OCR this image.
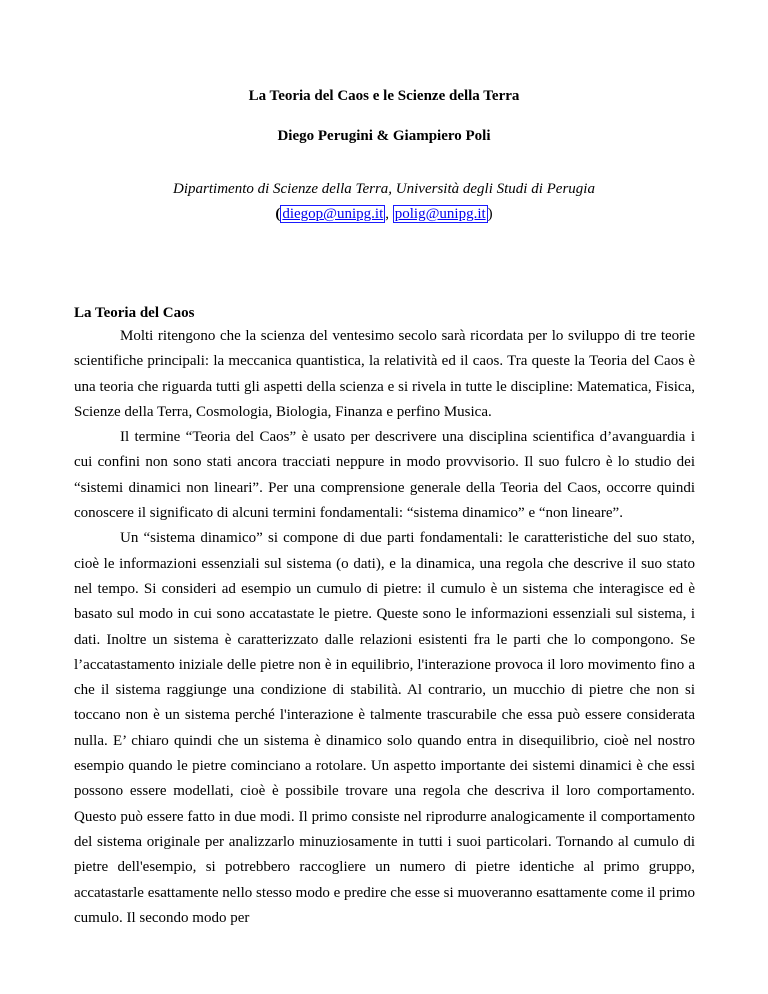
La Teoria del Caos e le Scienze della Terra
Diego Perugini & Giampiero Poli
Dipartimento di Scienze della Terra, Università degli Studi di Perugia
( diegop@unipg.it , polig@unipg.it )
La Teoria del Caos

Molti ritengono che la scienza del ventesimo secolo sarà ricordata per lo sviluppo di tre teorie scientifiche principali: la meccanica quantistica, la relatività ed il caos. Tra queste la Teoria del Caos è una teoria che riguarda tutti gli aspetti della scienza e si rivela in tutte le discipline: Matematica, Fisica, Scienze della Terra, Cosmologia, Biologia, Finanza e perfino Musica.

Il termine “Teoria del Caos” è usato per descrivere una disciplina scientifica d’avanguardia i cui confini non sono stati ancora tracciati neppure in modo provvisorio. Il suo fulcro è lo studio dei “sistemi dinamici non lineari”. Per una comprensione generale della Teoria del Caos, occorre quindi conoscere il significato di alcuni termini fondamentali: “sistema dinamico” e “non lineare”.

Un “sistema dinamico” si compone di due parti fondamentali: le caratteristiche del suo stato, cioè le informazioni essenziali sul sistema (o dati), e la dinamica, una regola che descrive il suo stato nel tempo. Si consideri ad esempio un cumulo di pietre: il cumulo è un sistema che interagisce ed è basato sul modo in cui sono accatastate le pietre. Queste sono le informazioni essenziali sul sistema, i dati. Inoltre un sistema è caratterizzato dalle relazioni esistenti fra le parti che lo compongono. Se l’accatastamento iniziale delle pietre non è in equilibrio, l'interazione provoca il loro movimento fino a che il sistema raggiunge una condizione di stabilità. Al contrario, un mucchio di pietre che non si toccano non è un sistema perché l'interazione è talmente trascurabile che essa può essere considerata nulla. E’ chiaro quindi che un sistema è dinamico solo quando entra in disequilibrio, cioè nel nostro esempio quando le pietre cominciano a rotolare. Un aspetto importante dei sistemi dinamici è che essi possono essere modellati, cioè è possibile trovare una regola che descriva il loro comportamento. Questo può essere fatto in due modi. Il primo consiste nel riprodurre analogicamente il comportamento del sistema originale per analizzarlo minuziosamente in tutti i suoi particolari. Tornando al cumulo di pietre dell'esempio, si potrebbero raccogliere un numero di pietre identiche al primo gruppo, accatastarle esattamente nello stesso modo e predire che esse si muoveranno esattamente come il primo cumulo. Il secondo modo per
